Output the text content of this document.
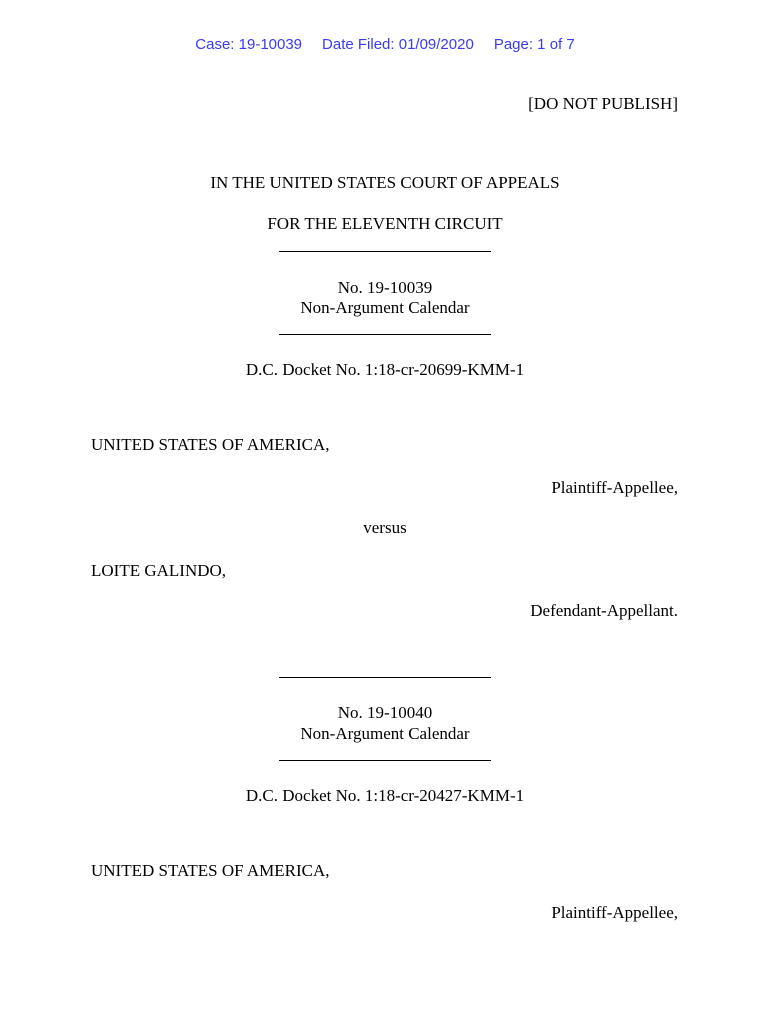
Case: 19-10039 Date Filed: 01/09/2020 Page: 1 of 7
[DO NOT PUBLISH]
IN THE UNITED STATES COURT OF APPEALS
FOR THE ELEVENTH CIRCUIT
No. 19-10039
Non-Argument Calendar
D.C. Docket No. 1:18-cr-20699-KMM-1
UNITED STATES OF AMERICA,
Plaintiff-Appellee,
versus
LOITE GALINDO,
Defendant-Appellant.
No. 19-10040
Non-Argument Calendar
D.C. Docket No. 1:18-cr-20427-KMM-1
UNITED STATES OF AMERICA,
Plaintiff-Appellee,
